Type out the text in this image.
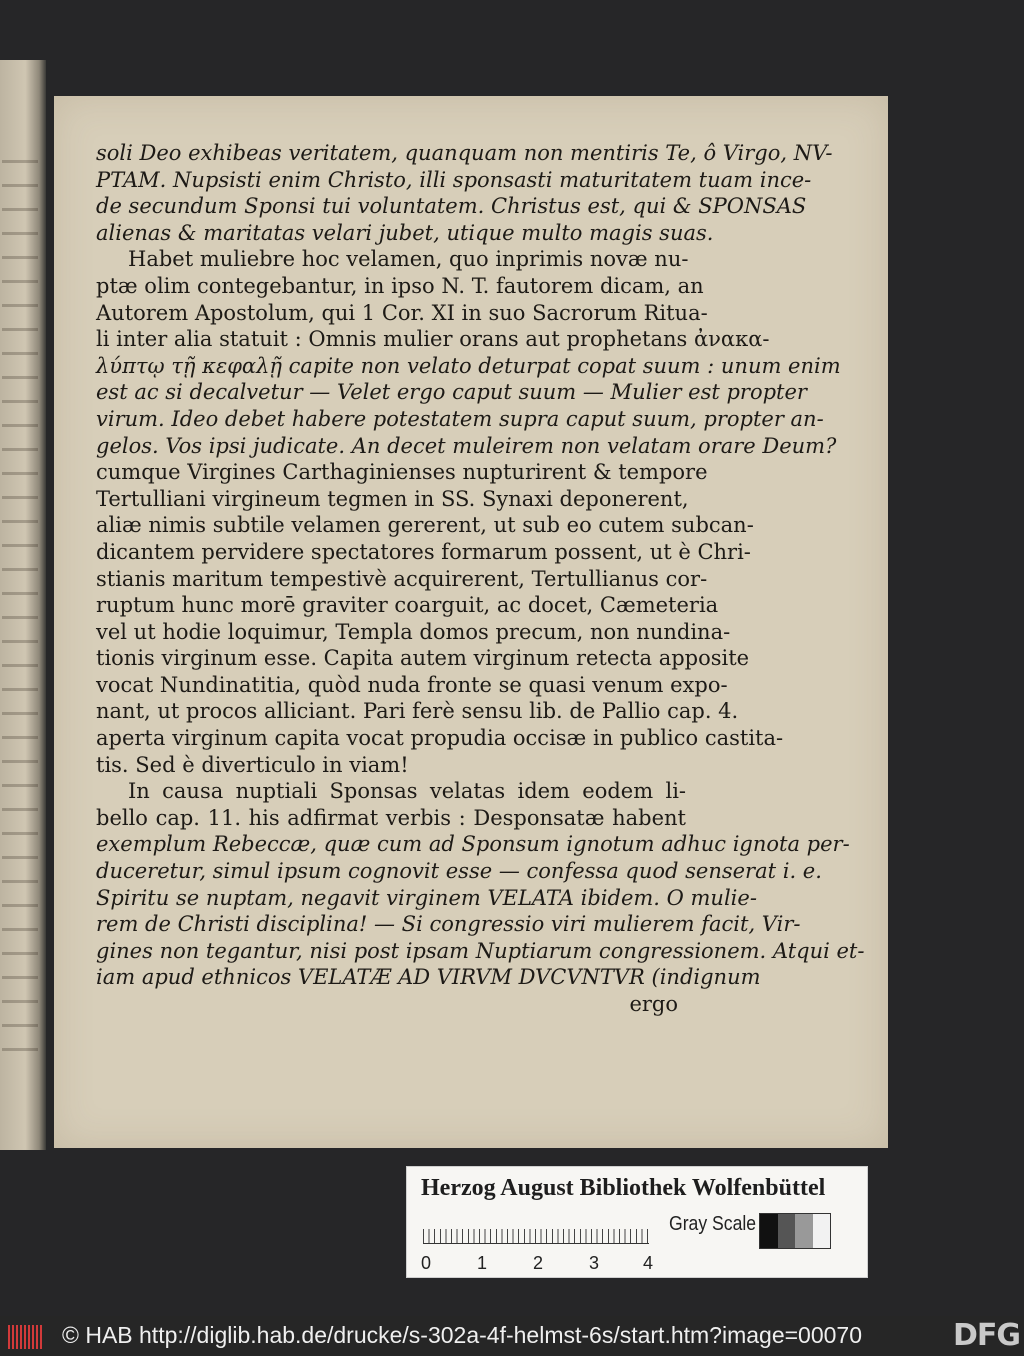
soli Deo exhibeas veritatem, quanquam non mentiris Te, ô Virgo, NV-
PTAM. Nupsisti enim Christo, illi sponsasti maturitatem tuam ince-
de secundum Sponsi tui voluntatem. Christus est, qui & SPONSAS
alienas & maritatas velari jubet, utique multo magis suas.
Habet muliebre hoc velamen, quo inprimis novæ nu-
ptæ olim contegebantur, in ipso N. T. fautorem dicam, an
Autorem Apostolum, qui 1 Cor. XI in suo Sacrorum Ritua-
li inter alia statuit : Omnis mulier orans aut prophetans ἀνακα-
λύπτῳ τῇ κεφαλῇ capite non velato deturpat copat suum : unum enim
est ac si decalvetur — Velet ergo caput suum — Mulier est propter
virum. Ideo debet habere potestatem supra caput suum, propter an-
gelos. Vos ipsi judicate. An decet muleirem non velatam orare Deum?
cumque Virgines Carthaginienses nupturirent & tempore
Tertulliani virgineum tegmen in SS. Synaxi deponerent,
aliæ nimis subtile velamen gererent, ut sub eo cutem subcan-
dicantem pervidere spectatores formarum possent, ut è Chri-
stianis maritum tempestivè acquirerent, Tertullianus cor-
ruptum hunc morē graviter coarguit, ac docet, Cæmeteria
vel ut hodie loquimur, Templa domos precum, non nundina-
tionis virginum esse. Capita autem virginum retecta apposite
vocat Nundinatitia, quòd nuda fronte se quasi venum expo-
nant, ut procos alliciant. Pari ferè sensu lib. de Pallio cap. 4.
aperta virginum capita vocat propudia occisæ in publico castita-
tis. Sed è diverticulo in viam!
In causa nuptiali Sponsas velatas idem eodem li-
bello cap. 11. his adfirmat verbis : Desponsatæ habent
exemplum Rebeccæ, quæ cum ad Sponsum ignotum adhuc ignota per-
duceretur, simul ipsum cognovit esse — confessa quod senserat i. e.
Spiritu se nuptam, negavit virginem VELATA ibidem. O mulie-
rem de Christi disciplina! — Si congressio viri mulierem facit, Vir-
gines non tegantur, nisi post ipsam Nuptiarum congressionem. Atqui et-
iam apud ethnicos VELATÆ AD VIRVM DVCVNTVR (indignum
ergo
Herzog August Bibliothek Wolfenbüttel
0	1	2	3 4
Gray Scale
© HAB http://diglib.hab.de/drucke/s-302a-4f-helmst-6s/start.htm?image=00070	DFG
